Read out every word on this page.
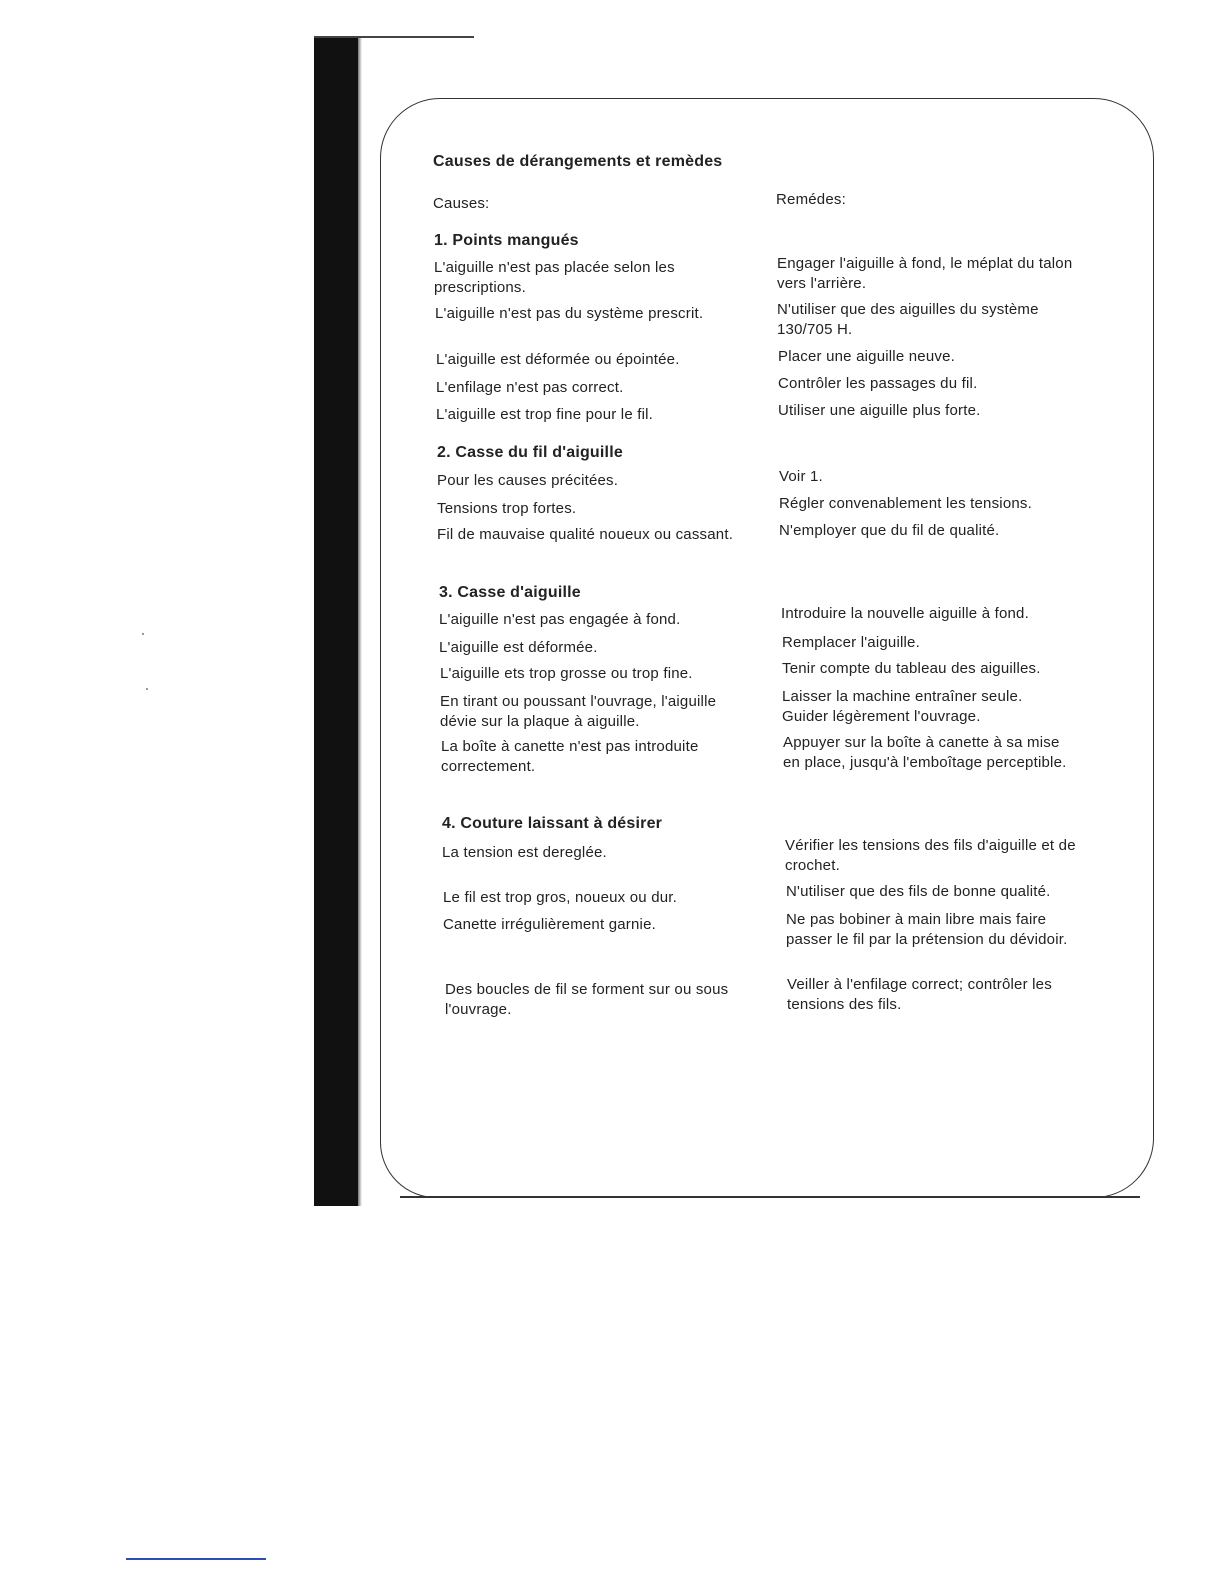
Causes de dérangements et remèdes

Causes:	Remédes:

1. Points mangués

L'aiguille n'est pas placée selon les prescriptions.

L'aiguille n'est pas du système prescrit.

L'aiguille est déformée ou épointée.

L'enfilage n'est pas correct.

L'aiguille est trop fine pour le fil.

Engager l'aiguille à fond, le méplat du talon vers l'arrière.

N'utiliser que des aiguilles du système 130/705 H.

Placer une aiguille neuve.

Contrôler les passages du fil.

Utiliser une aiguille plus forte.

2. Casse du fil d'aiguille

Pour les causes précitées.

Tensions trop fortes.

Fil de mauvaise qualité noueux ou cassant.

Voir 1.

Régler convenablement les tensions.

N'employer que du fil de qualité.

3. Casse d'aiguille

L'aiguille n'est pas engagée à fond.

L'aiguille est déformée.

L'aiguille ets trop grosse ou trop fine.

En tirant ou poussant l'ouvrage, l'aiguille dévie sur la plaque à aiguille.

La boîte à canette n'est pas introduite correctement.

Introduire la nouvelle aiguille à fond.

Remplacer l'aiguille.

Tenir compte du tableau des aiguilles.

Laisser la machine entraîner seule. Guider légèrement l'ouvrage.

Appuyer sur la boîte à canette à sa mise en place, jusqu'à l'emboîtage perceptible.

4. Couture laissant à désirer

La tension est dereglée.

Le fil est trop gros, noueux ou dur.

Canette irrégulièrement garnie.

Des boucles de fil se forment sur ou sous l'ouvrage.

Vérifier les tensions des fils d'aiguille et de crochet.

N'utiliser que des fils de bonne qualité.

Ne pas bobiner à main libre mais faire passer le fil par la prétension du dévidoir.

Veiller à l'enfilage correct; contrôler les tensions des fils.
